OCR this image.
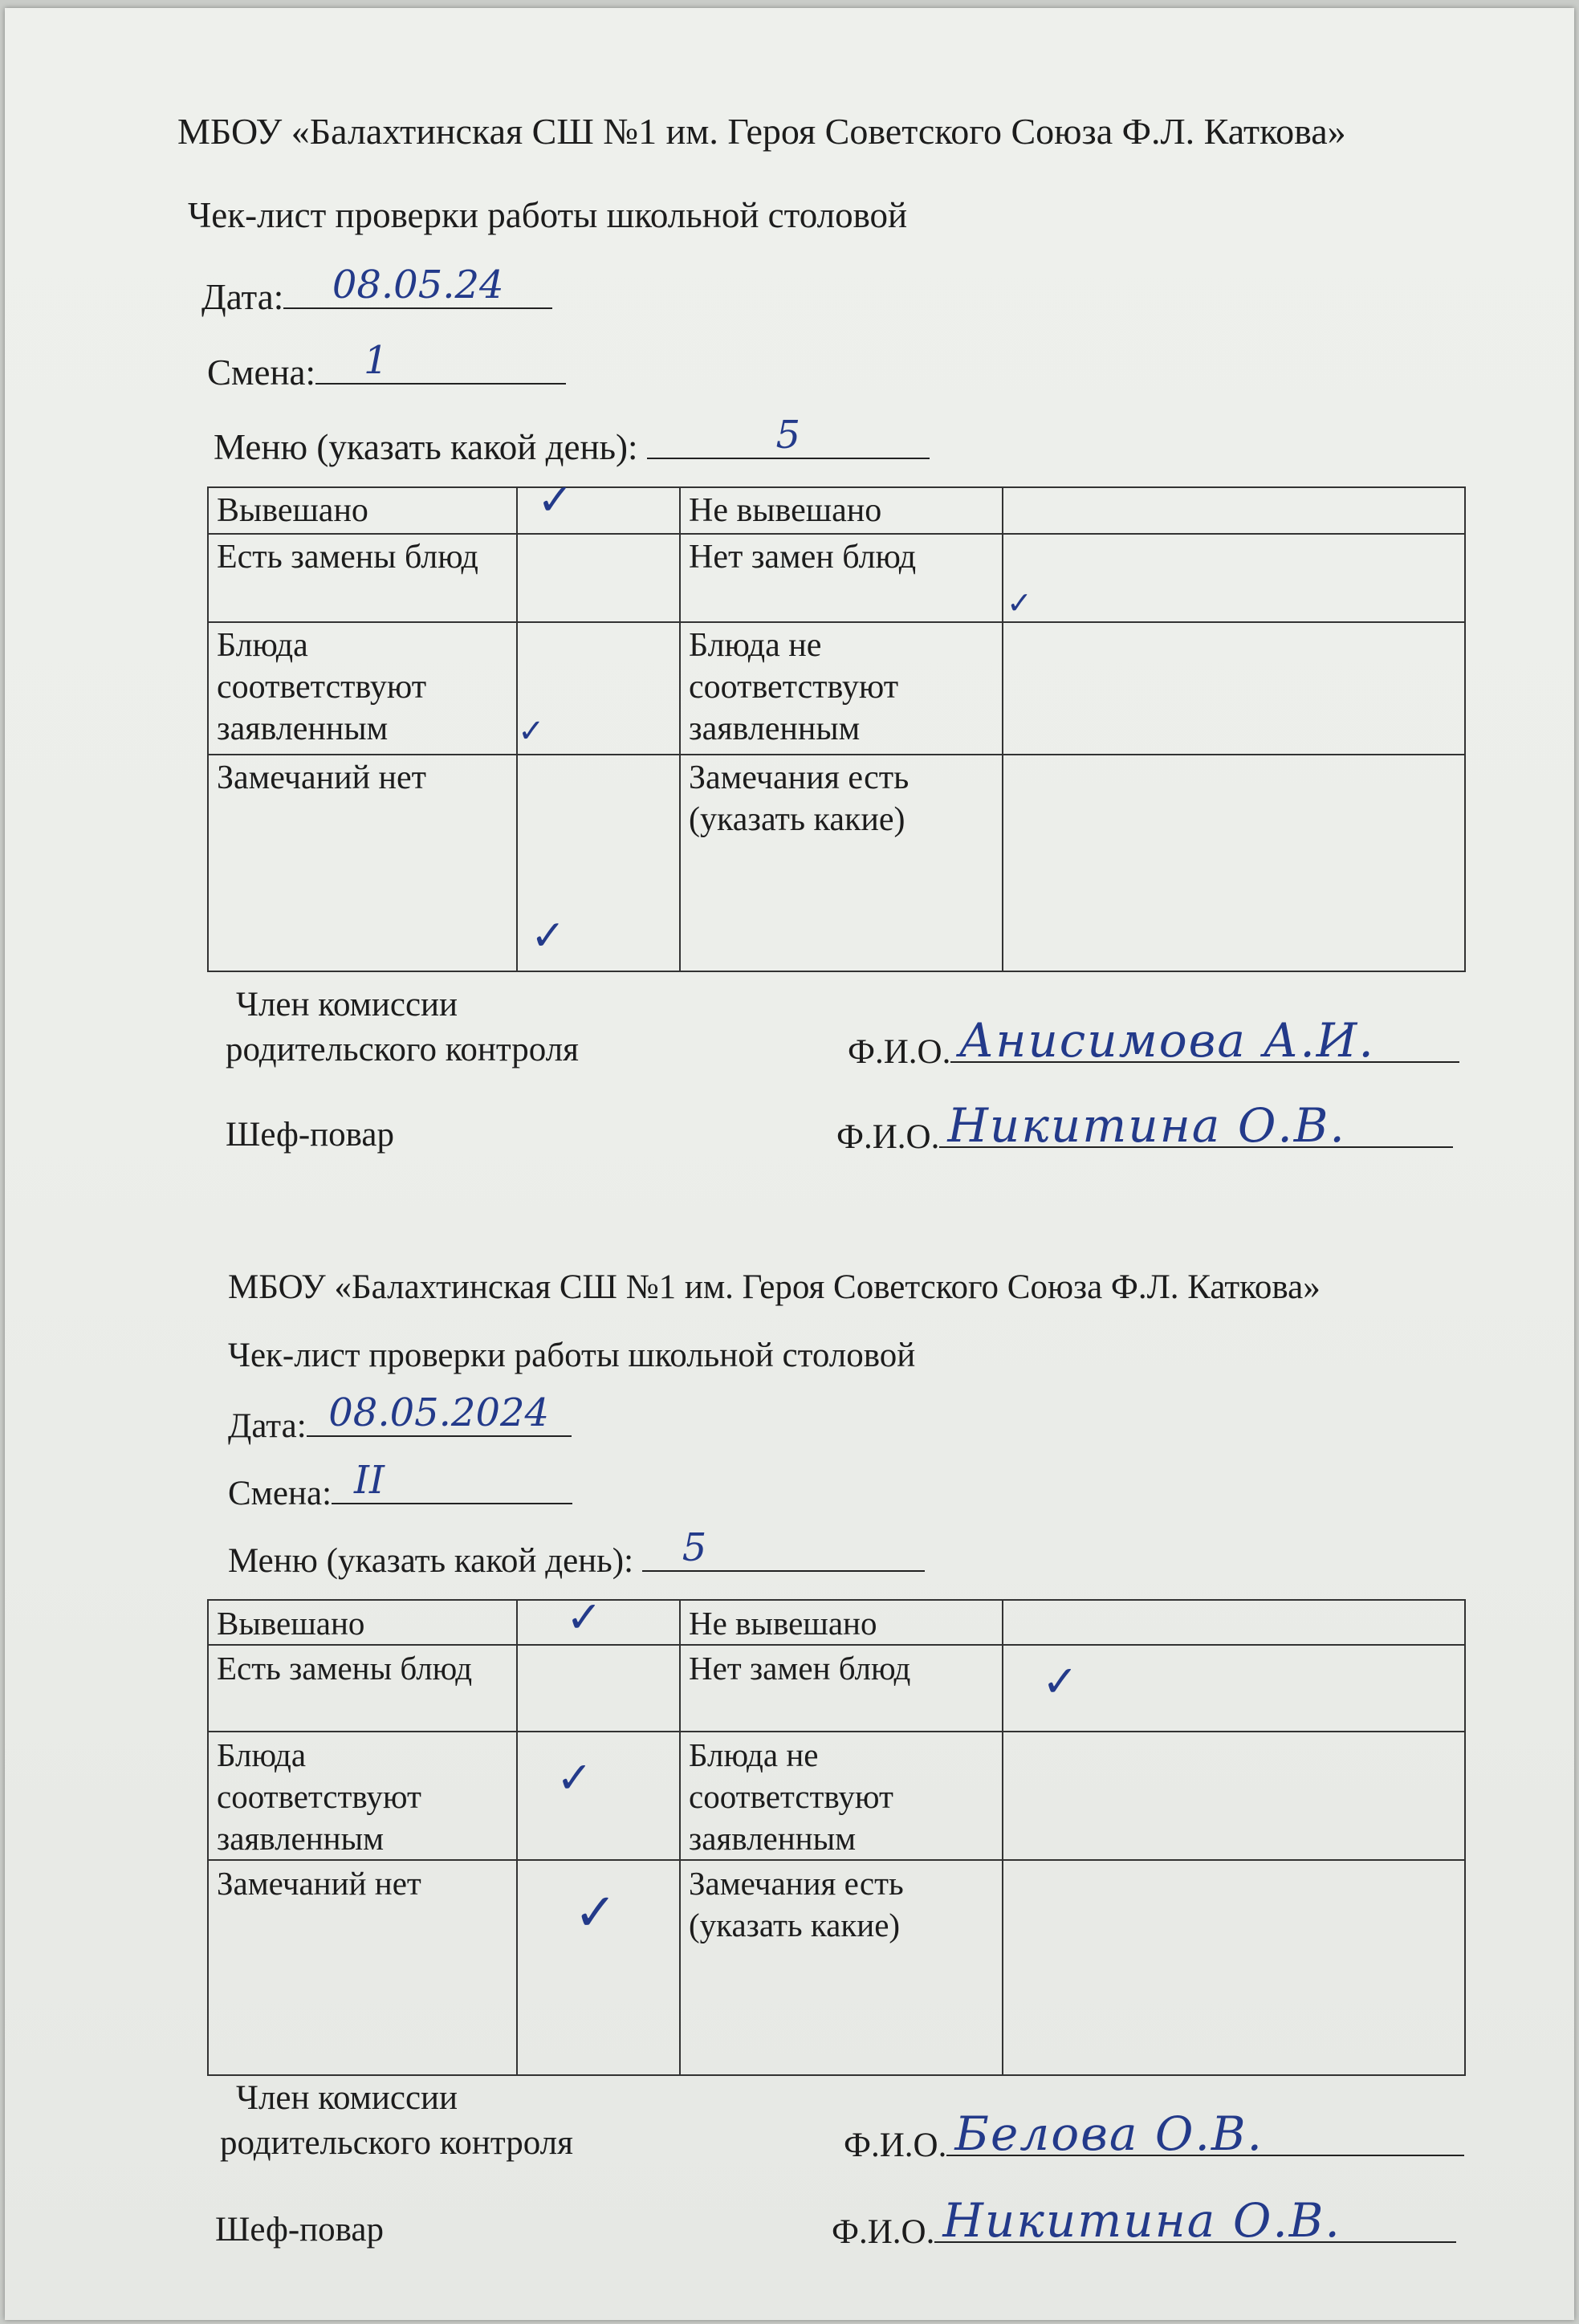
МБОУ «Балахтинская СШ №1 им. Героя Советского Союза Ф.Л. Каткова»
Чек-лист проверки работы школьной столовой
Дата:	08.05.24
Смена:	1
Меню (указать какой день):	5
Вывешано	✓	Не вывешано	
Есть замены блюд		Нет замен блюд	✓

Блюда соответствуют заявленным	✓	Блюда не соответствуют заявленным	
Замечаний нет	✓	Замечания есть (указать какие)	
Член комиссии
родительского контроля	Ф.И.О. Анисимова А.И.
Шеф-повар	Ф.И.О. Никитина О.В.
МБОУ «Балахтинская СШ №1 им. Героя Советского Союза Ф.Л. Каткова»
Чек-лист проверки работы школьной столовой
Дата: 08.05.2024
Смена: II
Меню (указать какой день):	5
Вывешано	✓	Не вывешано	
Есть замены блюд		Нет замен блюд	✓

Блюда соответствуют заявленным	✓	Блюда не соответствуют заявленным	
Замечаний нет	✓	Замечания есть (указать какие)	
Член комиссии
родительского контроля	Ф.И.О. Белова О.В.
Шеф-повар	Ф.И.О. Никитина О.В.
